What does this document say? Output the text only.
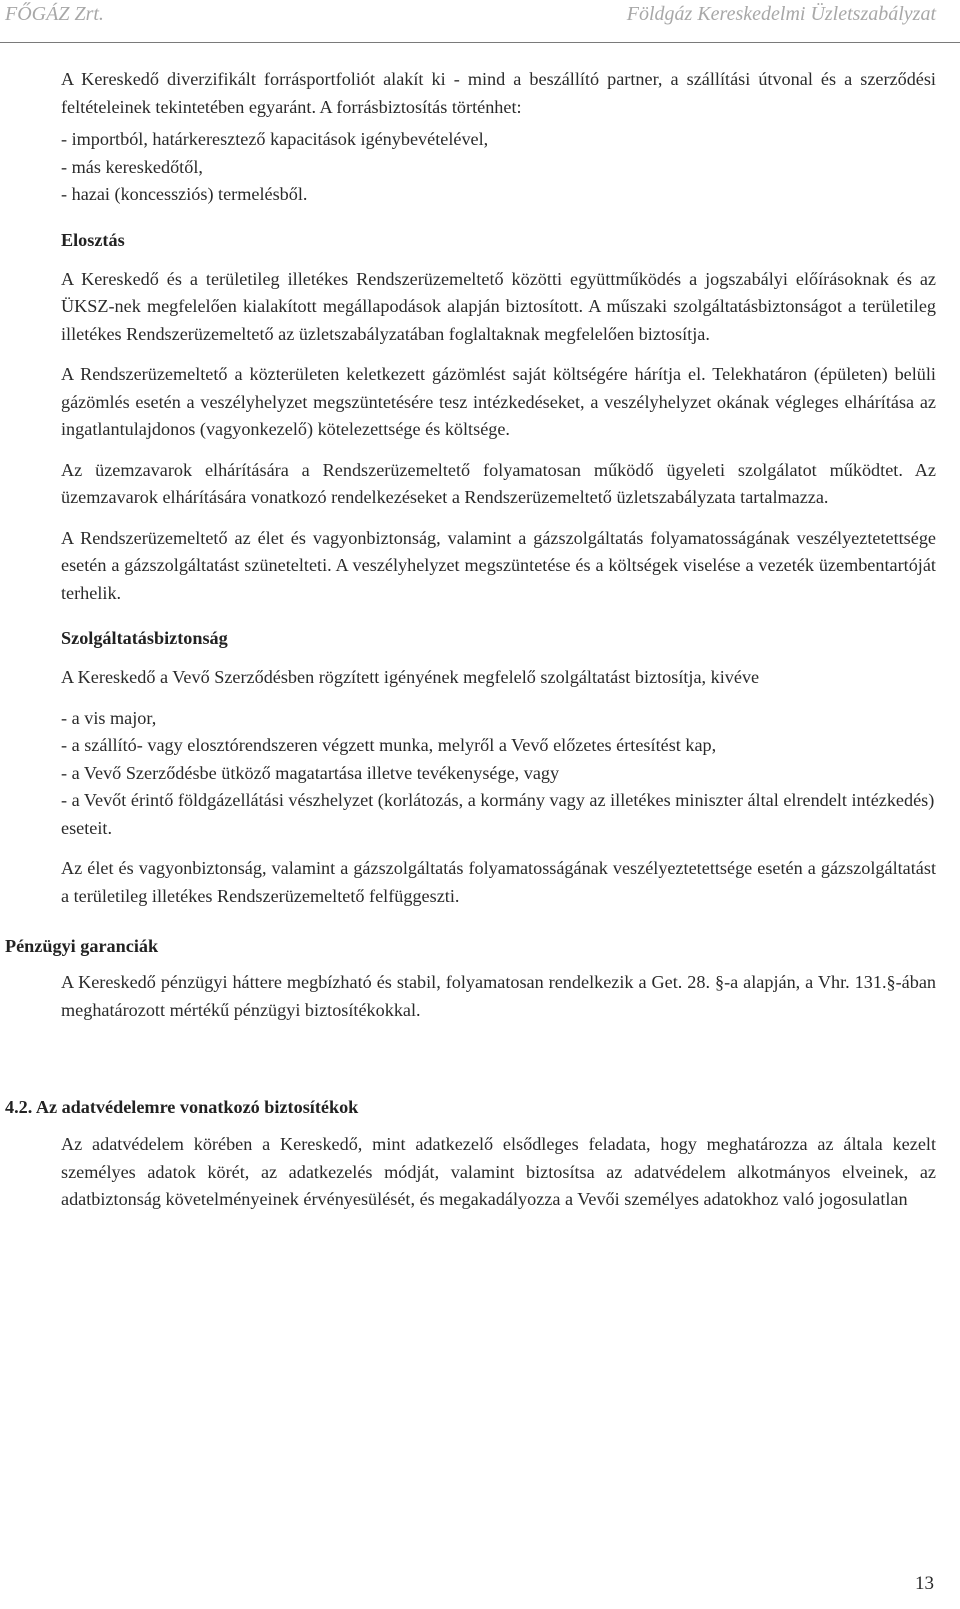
FŐGÁZ Zrt.	Földgáz Kereskedelmi Üzletszabályzat

A Kereskedő diverzifikált forrásportfoliót alakít ki - mind a beszállító partner, a szállítási útvonal és a szerződési feltételeinek tekintetében egyaránt. A forrásbiztosítás történhet:

- importból, határkeresztező kapacitások igénybevételével,
- más kereskedőtől,
- hazai (koncessziós) termelésből.
Elosztás

A Kereskedő és a területileg illetékes Rendszerüzemeltető közötti együttműködés a jogszabályi előírásoknak és az ÜKSZ-nek megfelelően kialakított megállapodások alapján biztosított. A műszaki szolgáltatásbiztonságot a területileg illetékes Rendszerüzemeltető az üzletszabályzatában foglaltaknak megfelelően biztosítja.

A Rendszerüzemeltető a közterületen keletkezett gázömlést saját költségére hárítja el. Telekhatáron (épületen) belüli gázömlés esetén a veszélyhelyzet megszüntetésére tesz intézkedéseket, a veszélyhelyzet okának végleges elhárítása az ingatlantulajdonos (vagyonkezelő) kötelezettsége és költsége.

Az üzemzavarok elhárítására a Rendszerüzemeltető folyamatosan működő ügyeleti szolgálatot működtet. Az üzemzavarok elhárítására vonatkozó rendelkezéseket a Rendszerüzemeltető üzletszabályzata tartalmazza.

A Rendszerüzemeltető az élet és vagyonbiztonság, valamint a gázszolgáltatás folyamatosságának veszélyeztetettsége esetén a gázszolgáltatást szünetelteti. A veszélyhelyzet megszüntetése és a költségek viselése a vezeték üzembentartóját terhelik.

Szolgáltatásbiztonság

A Kereskedő a Vevő Szerződésben rögzített igényének megfelelő szolgáltatást biztosítja, kivéve

- a vis major,
- a szállító- vagy elosztórendszeren végzett munka, melyről a Vevő előzetes értesítést kap,
- a Vevő Szerződésbe ütköző magatartása illetve tevékenysége, vagy
- a Vevőt érintő földgázellátási vészhelyzet (korlátozás, a kormány vagy az illetékes miniszter által elrendelt intézkedés)
eseteit.

Az élet és vagyonbiztonság, valamint a gázszolgáltatás folyamatosságának veszélyeztetettsége esetén a gázszolgáltatást a területileg illetékes Rendszerüzemeltető felfüggeszti.

Pénzügyi garanciák

A Kereskedő pénzügyi háttere megbízható és stabil, folyamatosan rendelkezik a Get. 28. §-a alapján, a Vhr. 131.§-ában meghatározott mértékű pénzügyi biztosítékokkal.

4.2. Az adatvédelemre vonatkozó biztosítékok

Az adatvédelem körében a Kereskedő, mint adatkezelő elsődleges feladata, hogy meghatározza az általa kezelt személyes adatok körét, az adatkezelés módját, valamint biztosítsa az adatvédelem alkotmányos elveinek, az adatbiztonság követelményeinek érvényesülését, és megakadályozza a Vevői személyes adatokhoz való jogosulatlan

13
